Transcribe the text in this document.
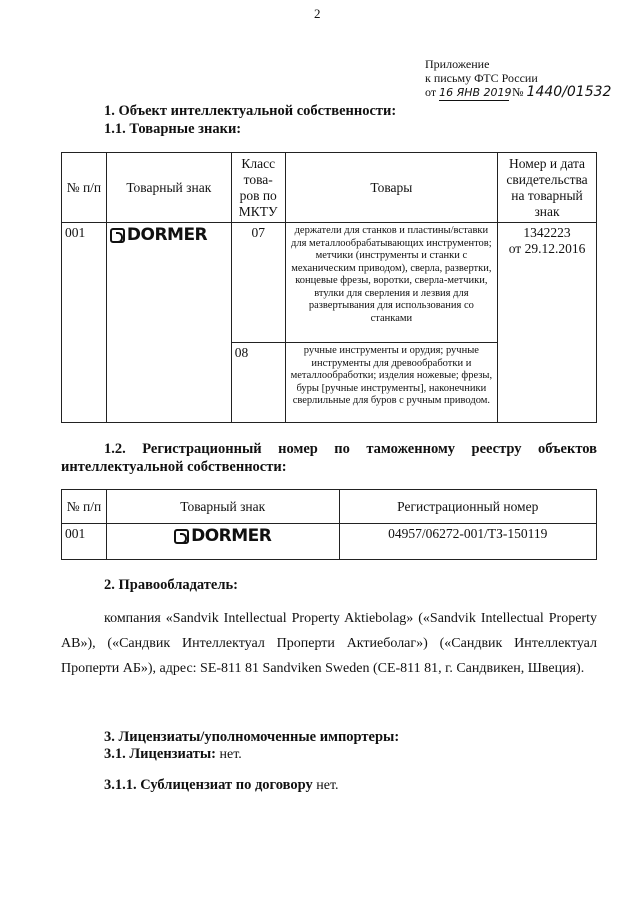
2
Приложение
к письму ФТС России
от 16 ЯНВ 2019 № 1440/01532
1. Объект интеллектуальной собственности:
1.1. Товарные знаки:
№ п/п	Товарный знак	Класс това-ров по МКТУ	Товары	Номер и дата свидетельства на товарный знак
001	DORMER	07	держатели для станков и пластины/вставки для металлообрабатывающих инструментов; метчики (инструменты и станки с механическим приводом), сверла, развертки, концевые фрезы, воротки, сверла-метчики, втулки для сверления и лезвия для развертывания для использования со станками	1342223
от 29.12.2016

		08	ручные инструменты и орудия; ручные инструменты для древообработки и металлообработки; изделия ножевые; фрезы, буры [ручные инструменты], наконечники сверлильные для буров с ручным приводом.	
1.2. Регистрационный номер по таможенному реестру объектов интеллектуальной собственности:
№ п/п	Товарный знак	Регистрационный номер
001	DORMER	04957/06272-001/ТЗ-150119
2. Правообладатель:
компания «Sandvik Intellectual Property Aktiebolag» («Sandvik Intellectual Property AB»), («Сандвик Интеллектуал Проперти Актиеболаг») («Сандвик Интеллектуал Проперти АБ»), адрес: SE-811 81 Sandviken Sweden (СЕ-811 81, г. Сандвикен, Швеция).
3. Лицензиаты/уполномоченные импортеры:
3.1. Лицензиаты: нет.
3.1.1. Сублицензиат по договору нет.
